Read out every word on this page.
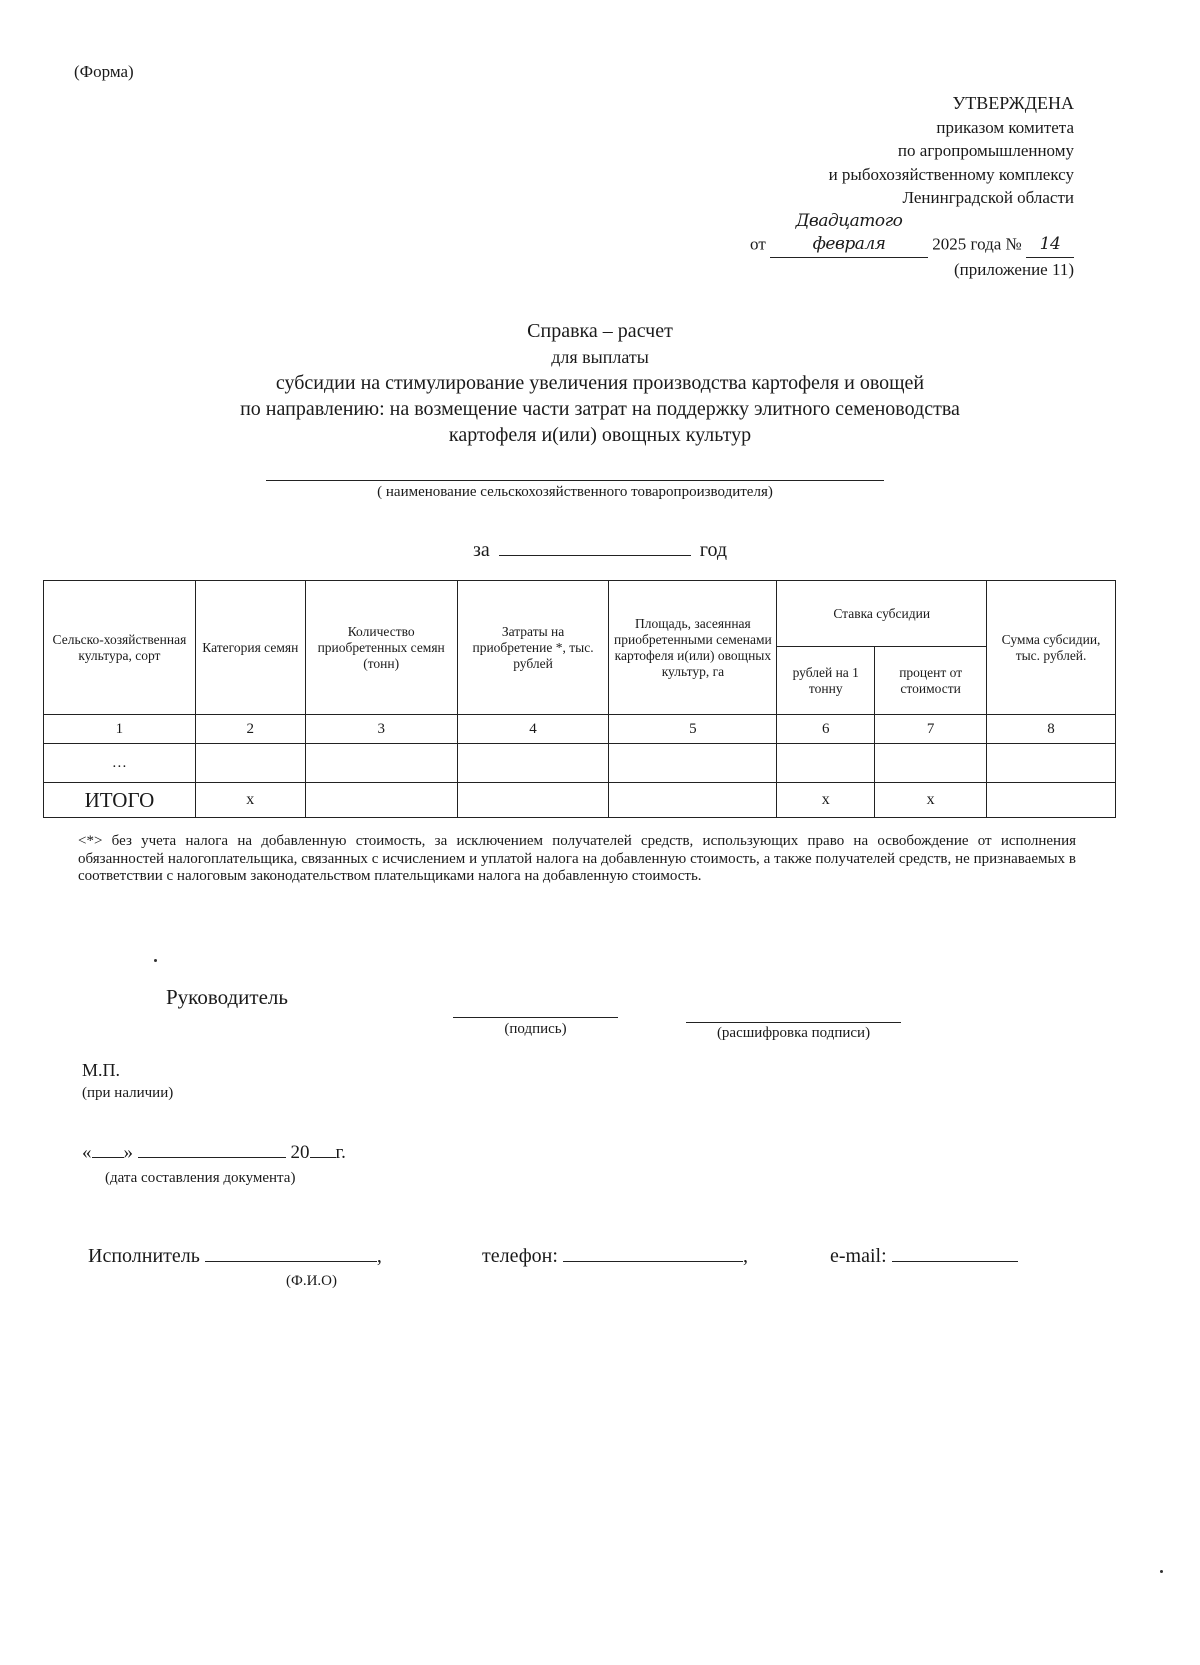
(Форма)
УТВЕРЖДЕНА
приказом комитета
по агропромышленному
и рыбохозяйственному комплексу
Ленинградской области
от Двадцатого февраля	2025 года № 14
(приложение 11)
Справка – расчет
для выплаты
субсидии на стимулирование увеличения производства картофеля и овощей
по направлению: на возмещение части затрат на поддержку элитного семеноводства
картофеля и(или) овощных культур
( наименование сельскохозяйственного товаропроизводителя)
за	год
Сельско-хозяйственная культура, сорт	Категория семян	Количество приобретенных семян (тонн)	Затраты на приобретение *, тыс. рублей	Площадь, засеянная приобретенными семенами картофеля и(или) овощных культур, га	Ставка субсидии		Сумма субсидии, тыс. рублей.
					рублей на 1 тонну	процент от стоимости	
1	2	3	4	5	6	7	8
…							
ИТОГО	х				х	х	
<*> без учета налога на добавленную стоимость, за исключением получателей средств, использующих право на освобождение от исполнения обязанностей налогоплательщика, связанных с исчислением и уплатой налога на добавленную стоимость, а также получателей средств, не признаваемых в соответствии с налоговым законодательством плательщиками налога на добавленную стоимость.
Руководитель
(подпись)	(расшифровка подписи)
М.П.
(при наличии)
« »	20 г.
(дата составления документа)
Исполнитель	,
(Ф.И.О)
телефон:	,	e-mail:
